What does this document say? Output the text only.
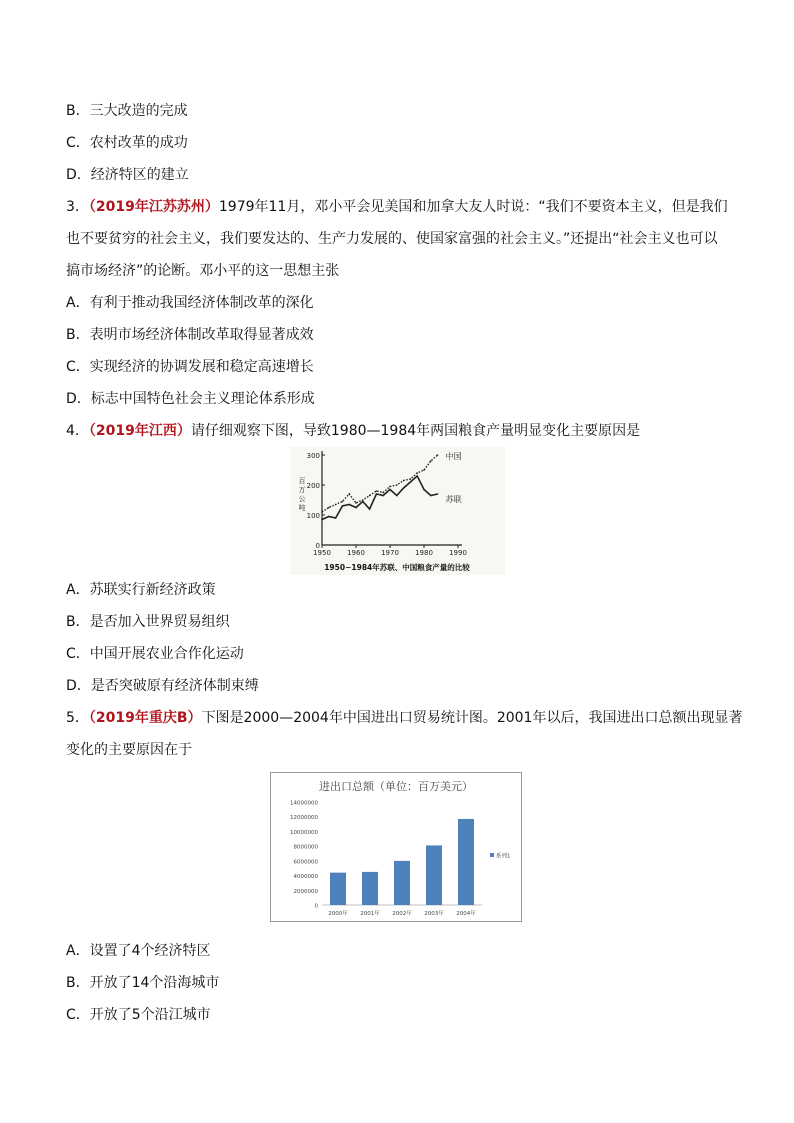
B．三大改造的完成
C．农村改革的成功
D．经济特区的建立
3．（2019年江苏苏州）1979年11月，邓小平会见美国和加拿大友人时说：“我们不要资本主义，但是我们
也不要贫穷的社会主义，我们要发达的、生产力发展的、使国家富强的社会主义。”还提出“社会主义也可以
搞市场经济”的论断。邓小平的这一思想主张
A．有利于推动我国经济体制改革的深化
B．表明市场经济体制改革取得显著成效
C．实现经济的协调发展和稳定高速增长
D．标志中国特色社会主义理论体系形成
4．（2019年江西）请仔细观察下图，导致1980—1984年两国粮食产量明显变化主要原因是
0
100
200
300
1950 1960 1970 1980 1990
百
万
公
吨
中国
苏联
1950−1984年苏联、中国粮食产量的比较
A．苏联实行新经济政策
B．是否加入世界贸易组织
C．中国开展农业合作化运动
D．是否突破原有经济体制束缚
5．（2019年重庆B）下图是2000—2004年中国进出口贸易统计图。2001年以后，我国进出口总额出现显著
变化的主要原因在于
进出口总额（单位：百万美元）
0
2000000
4000000
6000000
8000000
10000000
12000000
14000000
2000年 2001年 2002年 2003年 2004年
系列1
A．设置了4个经济特区
B．开放了14个沿海城市
C．开放了5个沿江城市
